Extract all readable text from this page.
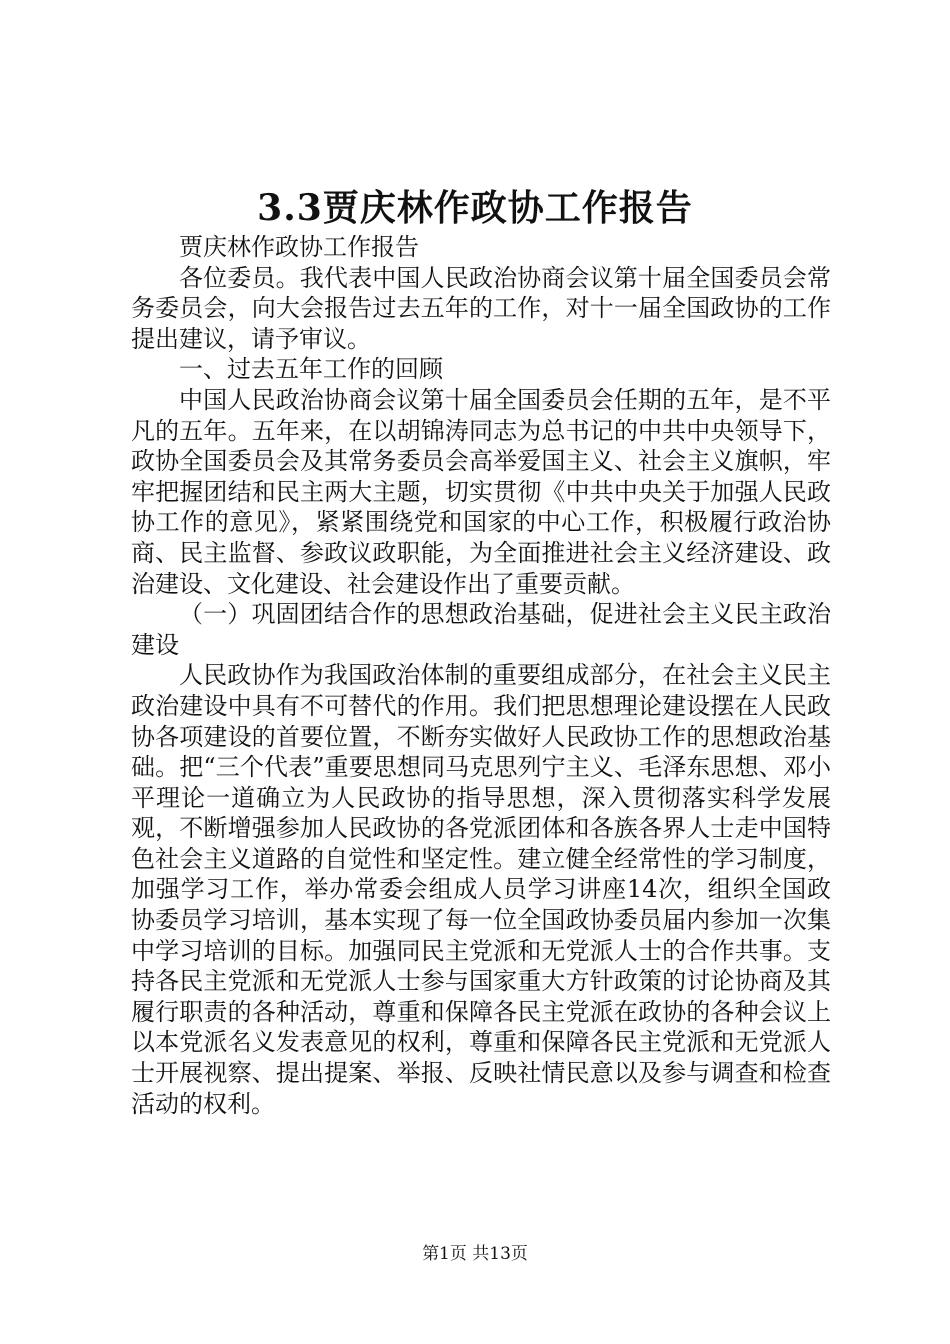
3.3贾庆林作政协工作报告

贾庆林作政协工作报告

各位委员。我代表中国人民政治协商会议第十届全国委员会常务委员会，向大会报告过去五年的工作，对十一届全国政协的工作提出建议，请予审议。

一、过去五年工作的回顾

中国人民政治协商会议第十届全国委员会任期的五年，是不平凡的五年。五年来，在以胡锦涛同志为总书记的中共中央领导下，政协全国委员会及其常务委员会高举爱国主义、社会主义旗帜，牢牢把握团结和民主两大主题，切实贯彻《中共中央关于加强人民政协工作的意见》，紧紧围绕党和国家的中心工作，积极履行政治协商、民主监督、参政议政职能，为全面推进社会主义经济建设、政治建设、文化建设、社会建设作出了重要贡献。

（一）巩固团结合作的思想政治基础，促进社会主义民主政治建设

人民政协作为我国政治体制的重要组成部分，在社会主义民主政治建设中具有不可替代的作用。我们把思想理论建设摆在人民政协各项建设的首要位置，不断夯实做好人民政协工作的思想政治基础。把“三个代表”重要思想同马克思列宁主义、毛泽东思想、邓小平理论一道确立为人民政协的指导思想，深入贯彻落实科学发展观，不断增强参加人民政协的各党派团体和各族各界人士走中国特色社会主义道路的自觉性和坚定性。建立健全经常性的学习制度，加强学习工作，举办常委会组成人员学习讲座14次，组织全国政协委员学习培训，基本实现了每一位全国政协委员届内参加一次集中学习培训的目标。加强同民主党派和无党派人士的合作共事。支持各民主党派和无党派人士参与国家重大方针政策的讨论协商及其履行职责的各种活动，尊重和保障各民主党派在政协的各种会议上以本党派名义发表意见的权利，尊重和保障各民主党派和无党派人士开展视察、提出提案、举报、反映社情民意以及参与调查和检查活动的权利。

第1页 共13页
